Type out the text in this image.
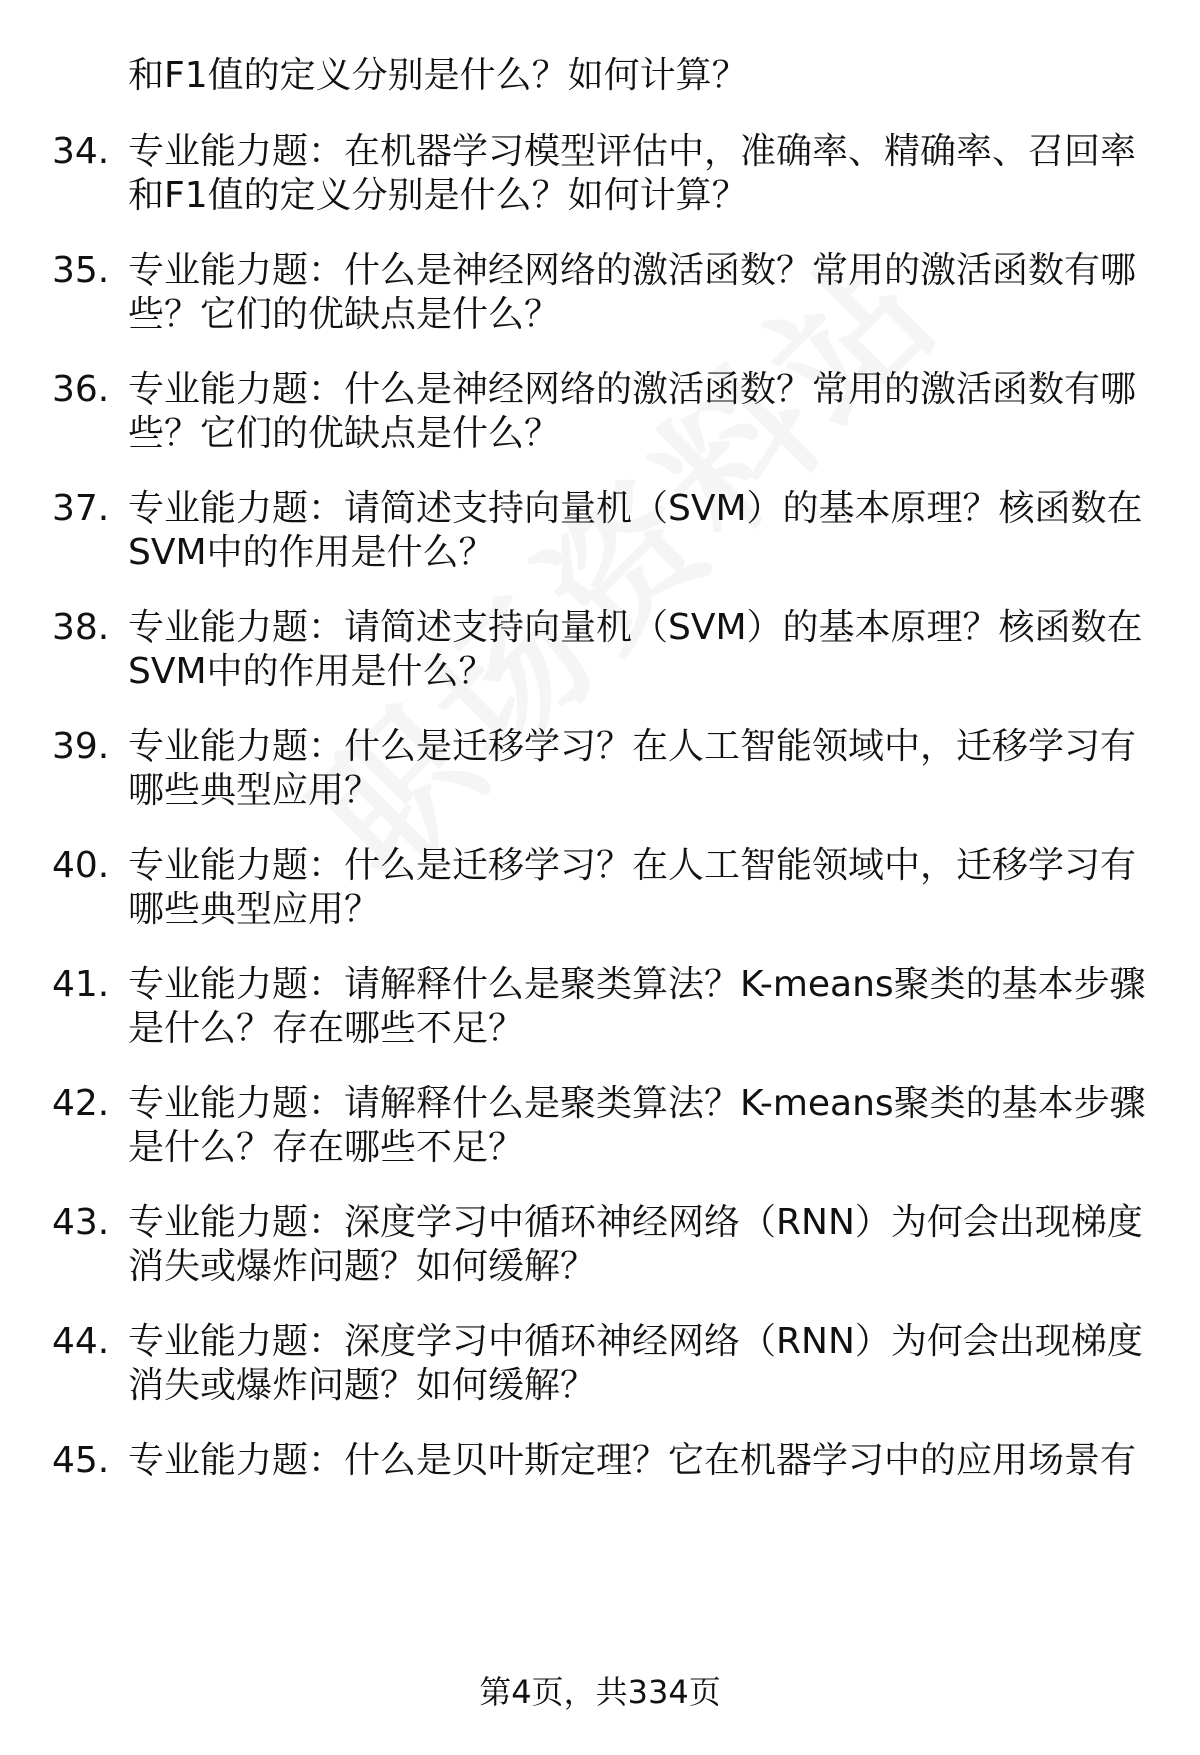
和F1值的定义分别是什么？如何计算？
34. 专业能力题：在机器学习模型评估中，准确率、精确率、召回率
和F1值的定义分别是什么？如何计算？
35. 专业能力题：什么是神经网络的激活函数？常用的激活函数有哪
些？它们的优缺点是什么？
36. 专业能力题：什么是神经网络的激活函数？常用的激活函数有哪
些？它们的优缺点是什么？
37. 专业能力题：请简述支持向量机（SVM）的基本原理？核函数在
SVM中的作用是什么？
38. 专业能力题：请简述支持向量机（SVM）的基本原理？核函数在
SVM中的作用是什么？
39. 专业能力题：什么是迁移学习？在人工智能领域中，迁移学习有
哪些典型应用？
40. 专业能力题：什么是迁移学习？在人工智能领域中，迁移学习有
哪些典型应用？
41. 专业能力题：请解释什么是聚类算法？K-means聚类的基本步骤
是什么？存在哪些不足？
42. 专业能力题：请解释什么是聚类算法？K-means聚类的基本步骤
是什么？存在哪些不足？
43. 专业能力题：深度学习中循环神经网络（RNN）为何会出现梯度
消失或爆炸问题？如何缓解？
44. 专业能力题：深度学习中循环神经网络（RNN）为何会出现梯度
消失或爆炸问题？如何缓解？
45. 专业能力题：什么是贝叶斯定理？它在机器学习中的应用场景有
第4页，共334页
